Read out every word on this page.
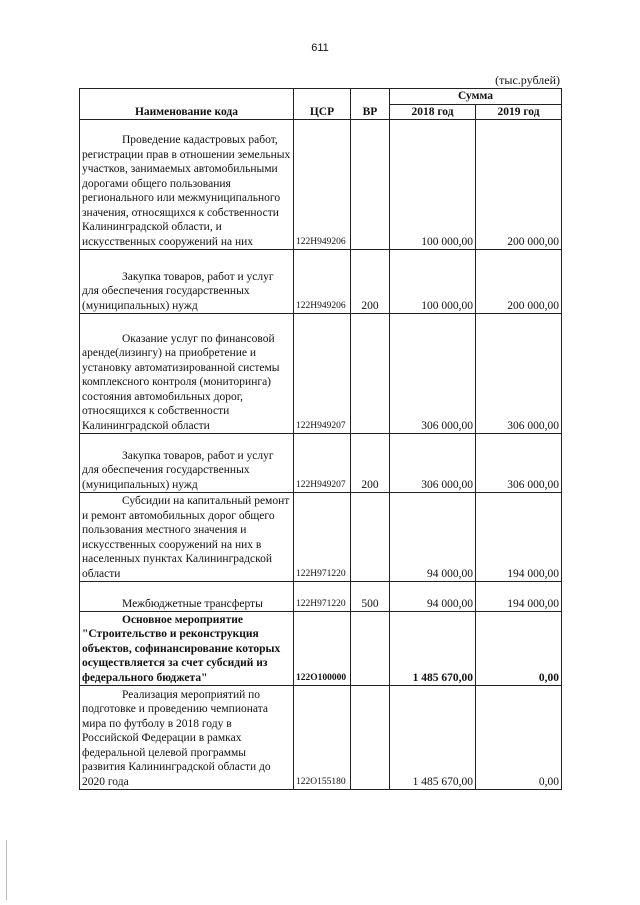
611
(тыс.рублей)
Наименование кода	ЦСР	ВР	Сумма	
			2018 год	2019 год

Проведение кадастровых работ, регистрации прав в отношении земельных участков, занимаемых автомобильными дорогами общего пользования регионального или межмуниципального значения, относящихся к собственности Калининградской области, и искусственных сооружений на них	122H949206		100 000,00	200 000,00

Закупка товаров, работ и услуг для обеспечения государственных (муниципальных) нужд	122H949206	200	100 000,00	200 000,00

Оказание услуг по финансовой аренде(лизингу) на приобретение и установку автоматизированной системы комплексного контроля (мониторинга) состояния автомобильных дорог, относящихся к собственности Калининградской области	122H949207		306 000,00	306 000,00

Закупка товаров, работ и услуг для обеспечения государственных (муниципальных) нужд	122H949207	200	306 000,00	306 000,00

Субсидии на капитальный ремонт и ремонт автомобильных дорог общего пользования местного значения и искусственных сооружений на них в населенных пунктах Калининградской области	122H971220		94 000,00	194 000,00

Межбюджетные трансферты	122H971220	500	94 000,00	194 000,00

Основное мероприятие "Строительство и реконструкция объектов, софинансирование которых осуществляется за счет субсидий из федерального бюджета"	122O100000		1 485 670,00	0,00

Реализация мероприятий по подготовке и проведению чемпионата мира по футболу в 2018 году в Российской Федерации в рамках федеральной целевой программы развития Калининградской области до 2020 года	122O155180		1 485 670,00	0,00
